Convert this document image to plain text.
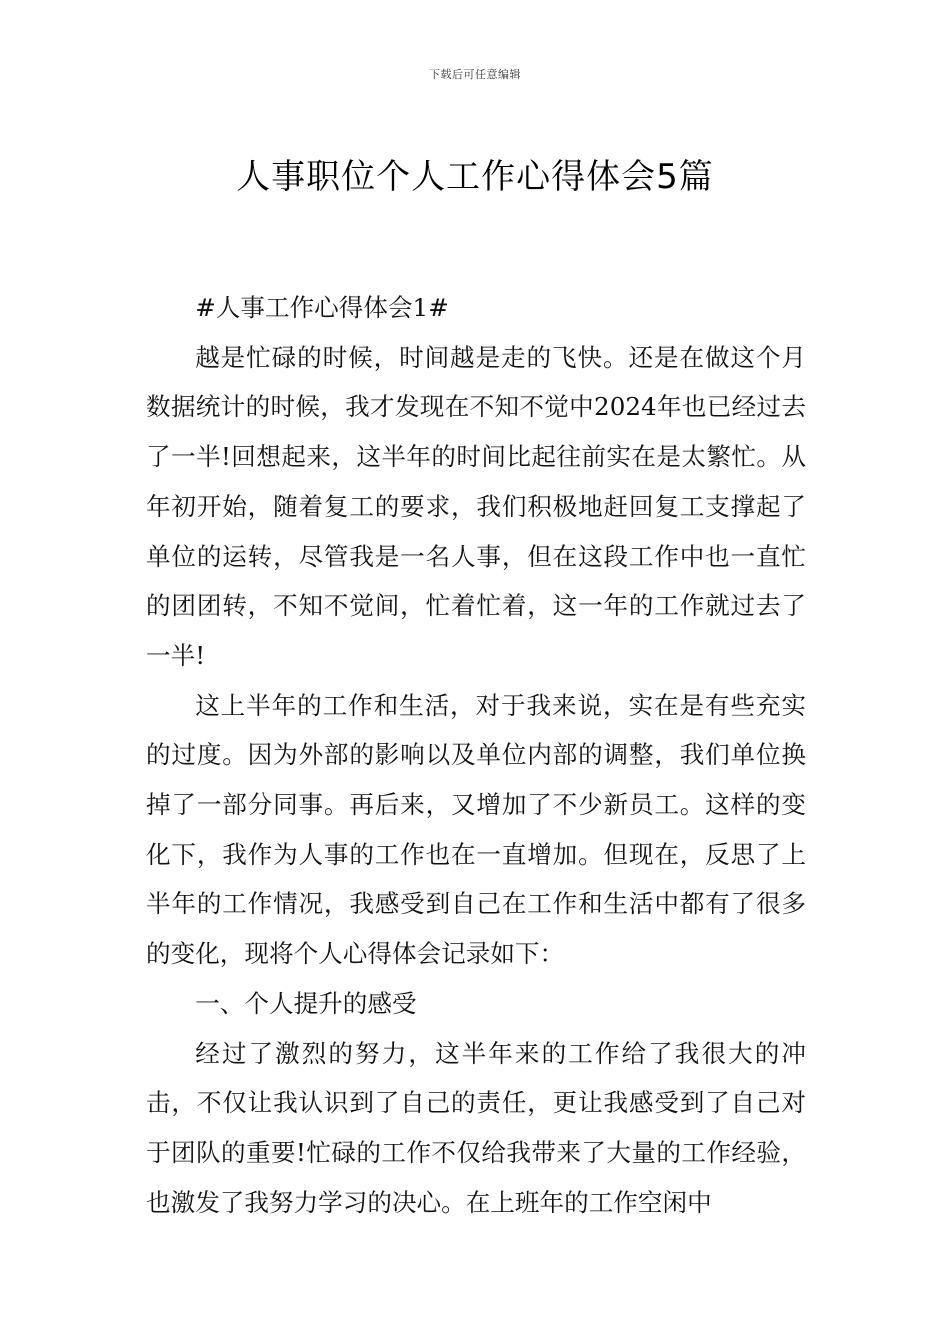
下载后可任意编辑
人事职位个人工作心得体会5篇

#人事工作心得体会1#

越是忙碌的时候，时间越是走的飞快。还是在做这个月数据统计的时候，我才发现在不知不觉中2024年也已经过去了一半!回想起来，这半年的时间比起往前实在是太繁忙。从年初开始，随着复工的要求，我们积极地赶回复工支撑起了单位的运转，尽管我是一名人事，但在这段工作中也一直忙的团团转，不知不觉间，忙着忙着，这一年的工作就过去了一半!

这上半年的工作和生活，对于我来说，实在是有些充实的过度。因为外部的影响以及单位内部的调整，我们单位换掉了一部分同事。再后来，又增加了不少新员工。这样的变化下，我作为人事的工作也在一直增加。但现在，反思了上半年的工作情况，我感受到自己在工作和生活中都有了很多的变化，现将个人心得体会记录如下：

一、个人提升的感受

经过了激烈的努力，这半年来的工作给了我很大的冲击，不仅让我认识到了自己的责任，更让我感受到了自己对于团队的重要!忙碌的工作不仅给我带来了大量的工作经验，也激发了我努力学习的决心。在上班年的工作空闲中
